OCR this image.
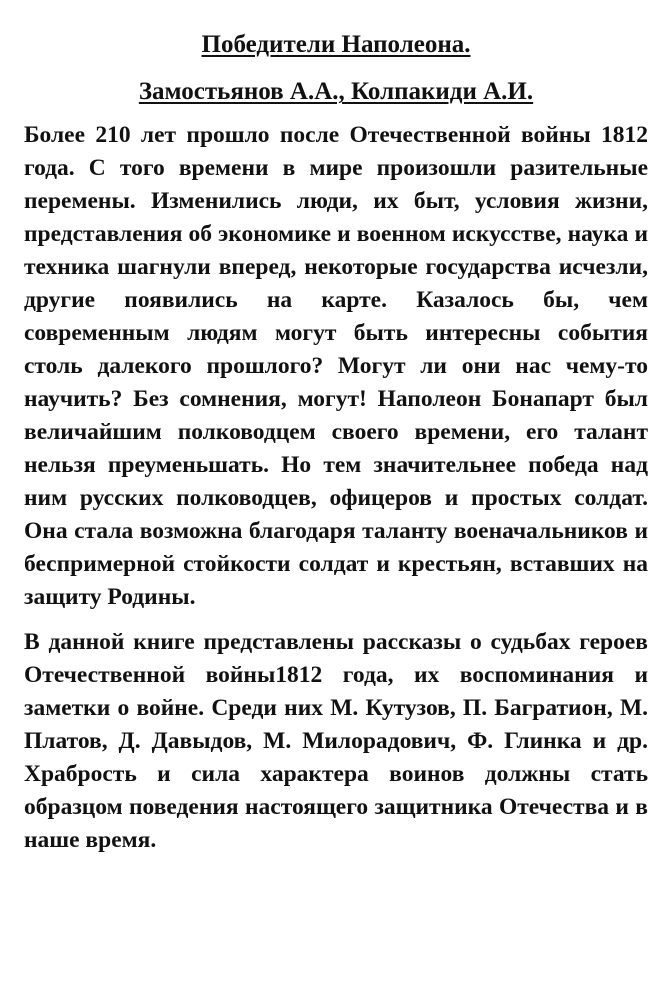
Победители Наполеона.
Замостьянов А.А., Колпакиди А.И.

Более 210 лет прошло после Отечественной войны 1812 года. С того времени в мире произошли разительные перемены. Изменились люди, их быт, условия жизни, представления об экономике и военном искусстве, наука и техника шагнули вперед, некоторые государства исчезли, другие появились на карте. Казалось бы, чем современным людям могут быть интересны события столь далекого прошлого? Могут ли они нас чему-то научить? Без сомнения, могут! Наполеон Бонапарт был величайшим полководцем своего времени, его талант нельзя преуменьшать. Но тем значительнее победа над ним русских полководцев, офицеров и простых солдат. Она стала возможна благодаря таланту военачальников и беспримерной стойкости солдат и крестьян, вставших на защиту Родины.

В данной книге представлены рассказы о судьбах героев Отечественной войны1812 года, их воспоминания и заметки о войне. Среди них М. Кутузов, П. Багратион, М. Платов, Д. Давыдов, М. Милорадович, Ф. Глинка и др. Храбрость и сила характера воинов должны стать образцом поведения настоящего защитника Отечества и в наше время.
